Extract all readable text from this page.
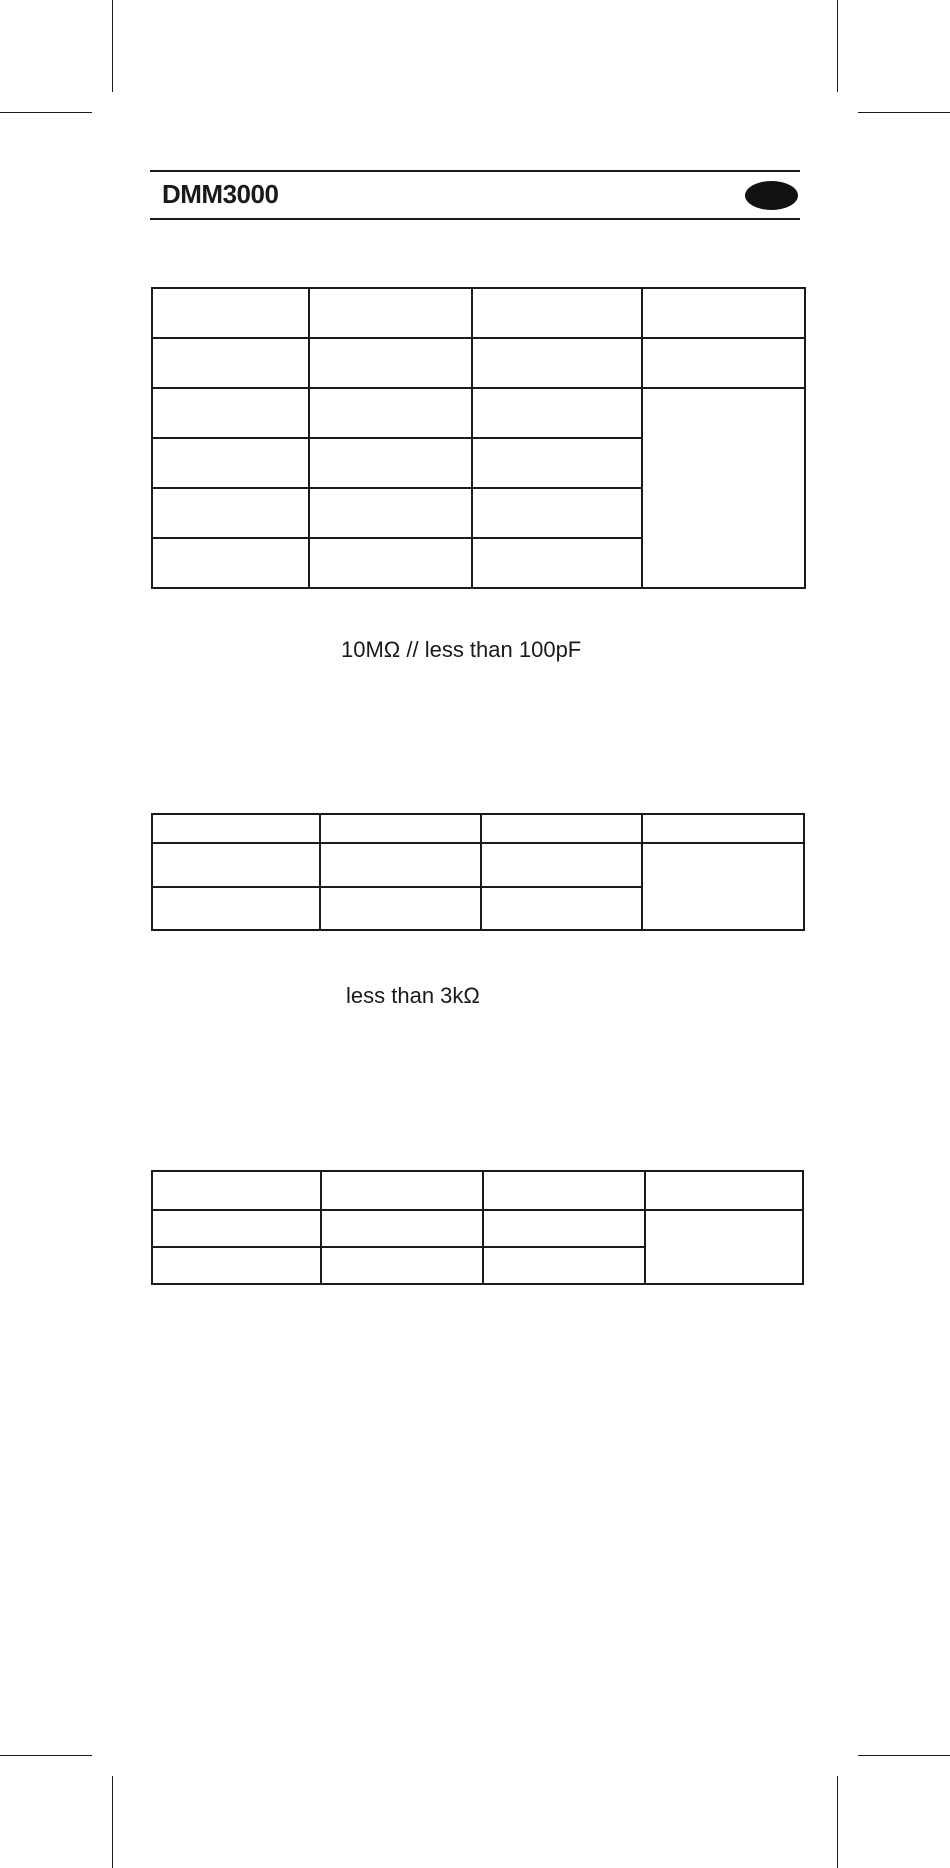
DMM3000

10MΩ // less than 100pF

less than 3kΩ
